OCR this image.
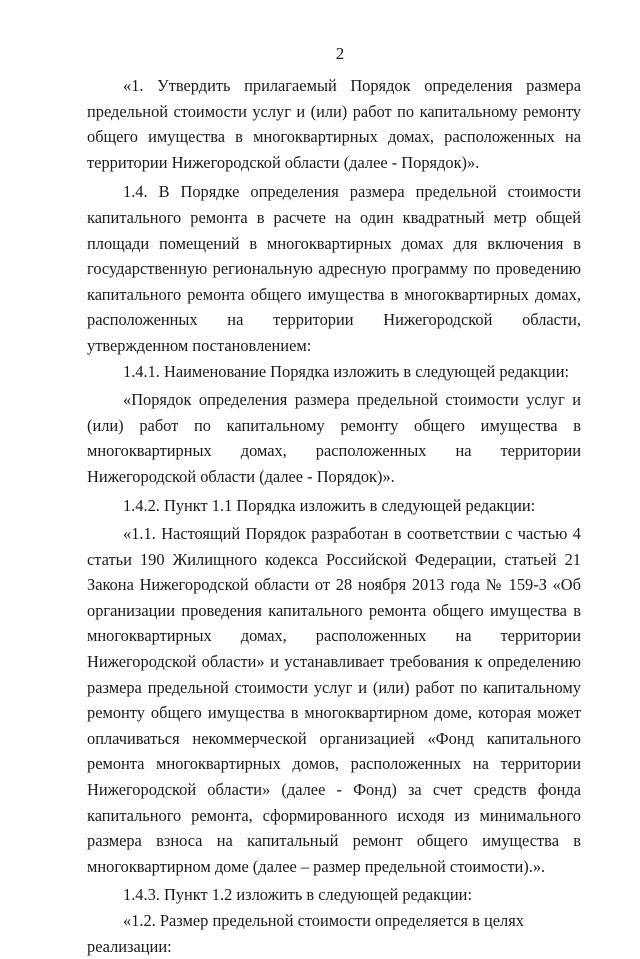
2

«1. Утвердить прилагаемый Порядок определения размера предельной стоимости услуг и (или) работ по капитальному ремонту общего имущества в многоквартирных домах, расположенных на территории Нижегородской области (далее - Порядок)».

1.4. В Порядке определения размера предельной стоимости капитального ремонта в расчете на один квадратный метр общей площади помещений в многоквартирных домах для включения в государственную региональную адресную программу по проведению капитального ремонта общего имущества в многоквартирных домах, расположенных на территории Нижегородской области, утвержденном постановлением:

1.4.1. Наименование Порядка изложить в следующей редакции:

«Порядок определения размера предельной стоимости услуг и (или) работ по капитальному ремонту общего имущества в многоквартирных домах, расположенных на территории Нижегородской области (далее - Порядок)».

1.4.2. Пункт 1.1 Порядка изложить в следующей редакции:

«1.1. Настоящий Порядок разработан в соответствии с частью 4 статьи 190 Жилищного кодекса Российской Федерации, статьей 21 Закона Нижегородской области от 28 ноября 2013 года № 159-З «Об организации проведения капитального ремонта общего имущества в многоквартирных домах, расположенных на территории Нижегородской области» и устанавливает требования к определению размера предельной стоимости услуг и (или) работ по капитальному ремонту общего имущества в многоквартирном доме, которая может оплачиваться некоммерческой организацией «Фонд капитального ремонта многоквартирных домов, расположенных на территории Нижегородской области» (далее - Фонд) за счет средств фонда капитального ремонта, сформированного исходя из минимального размера взноса на капитальный ремонт общего имущества в многоквартирном доме (далее – размер предельной стоимости).».

1.4.3. Пункт 1.2 изложить в следующей редакции:

«1.2. Размер предельной стоимости определяется в целях реализации:
